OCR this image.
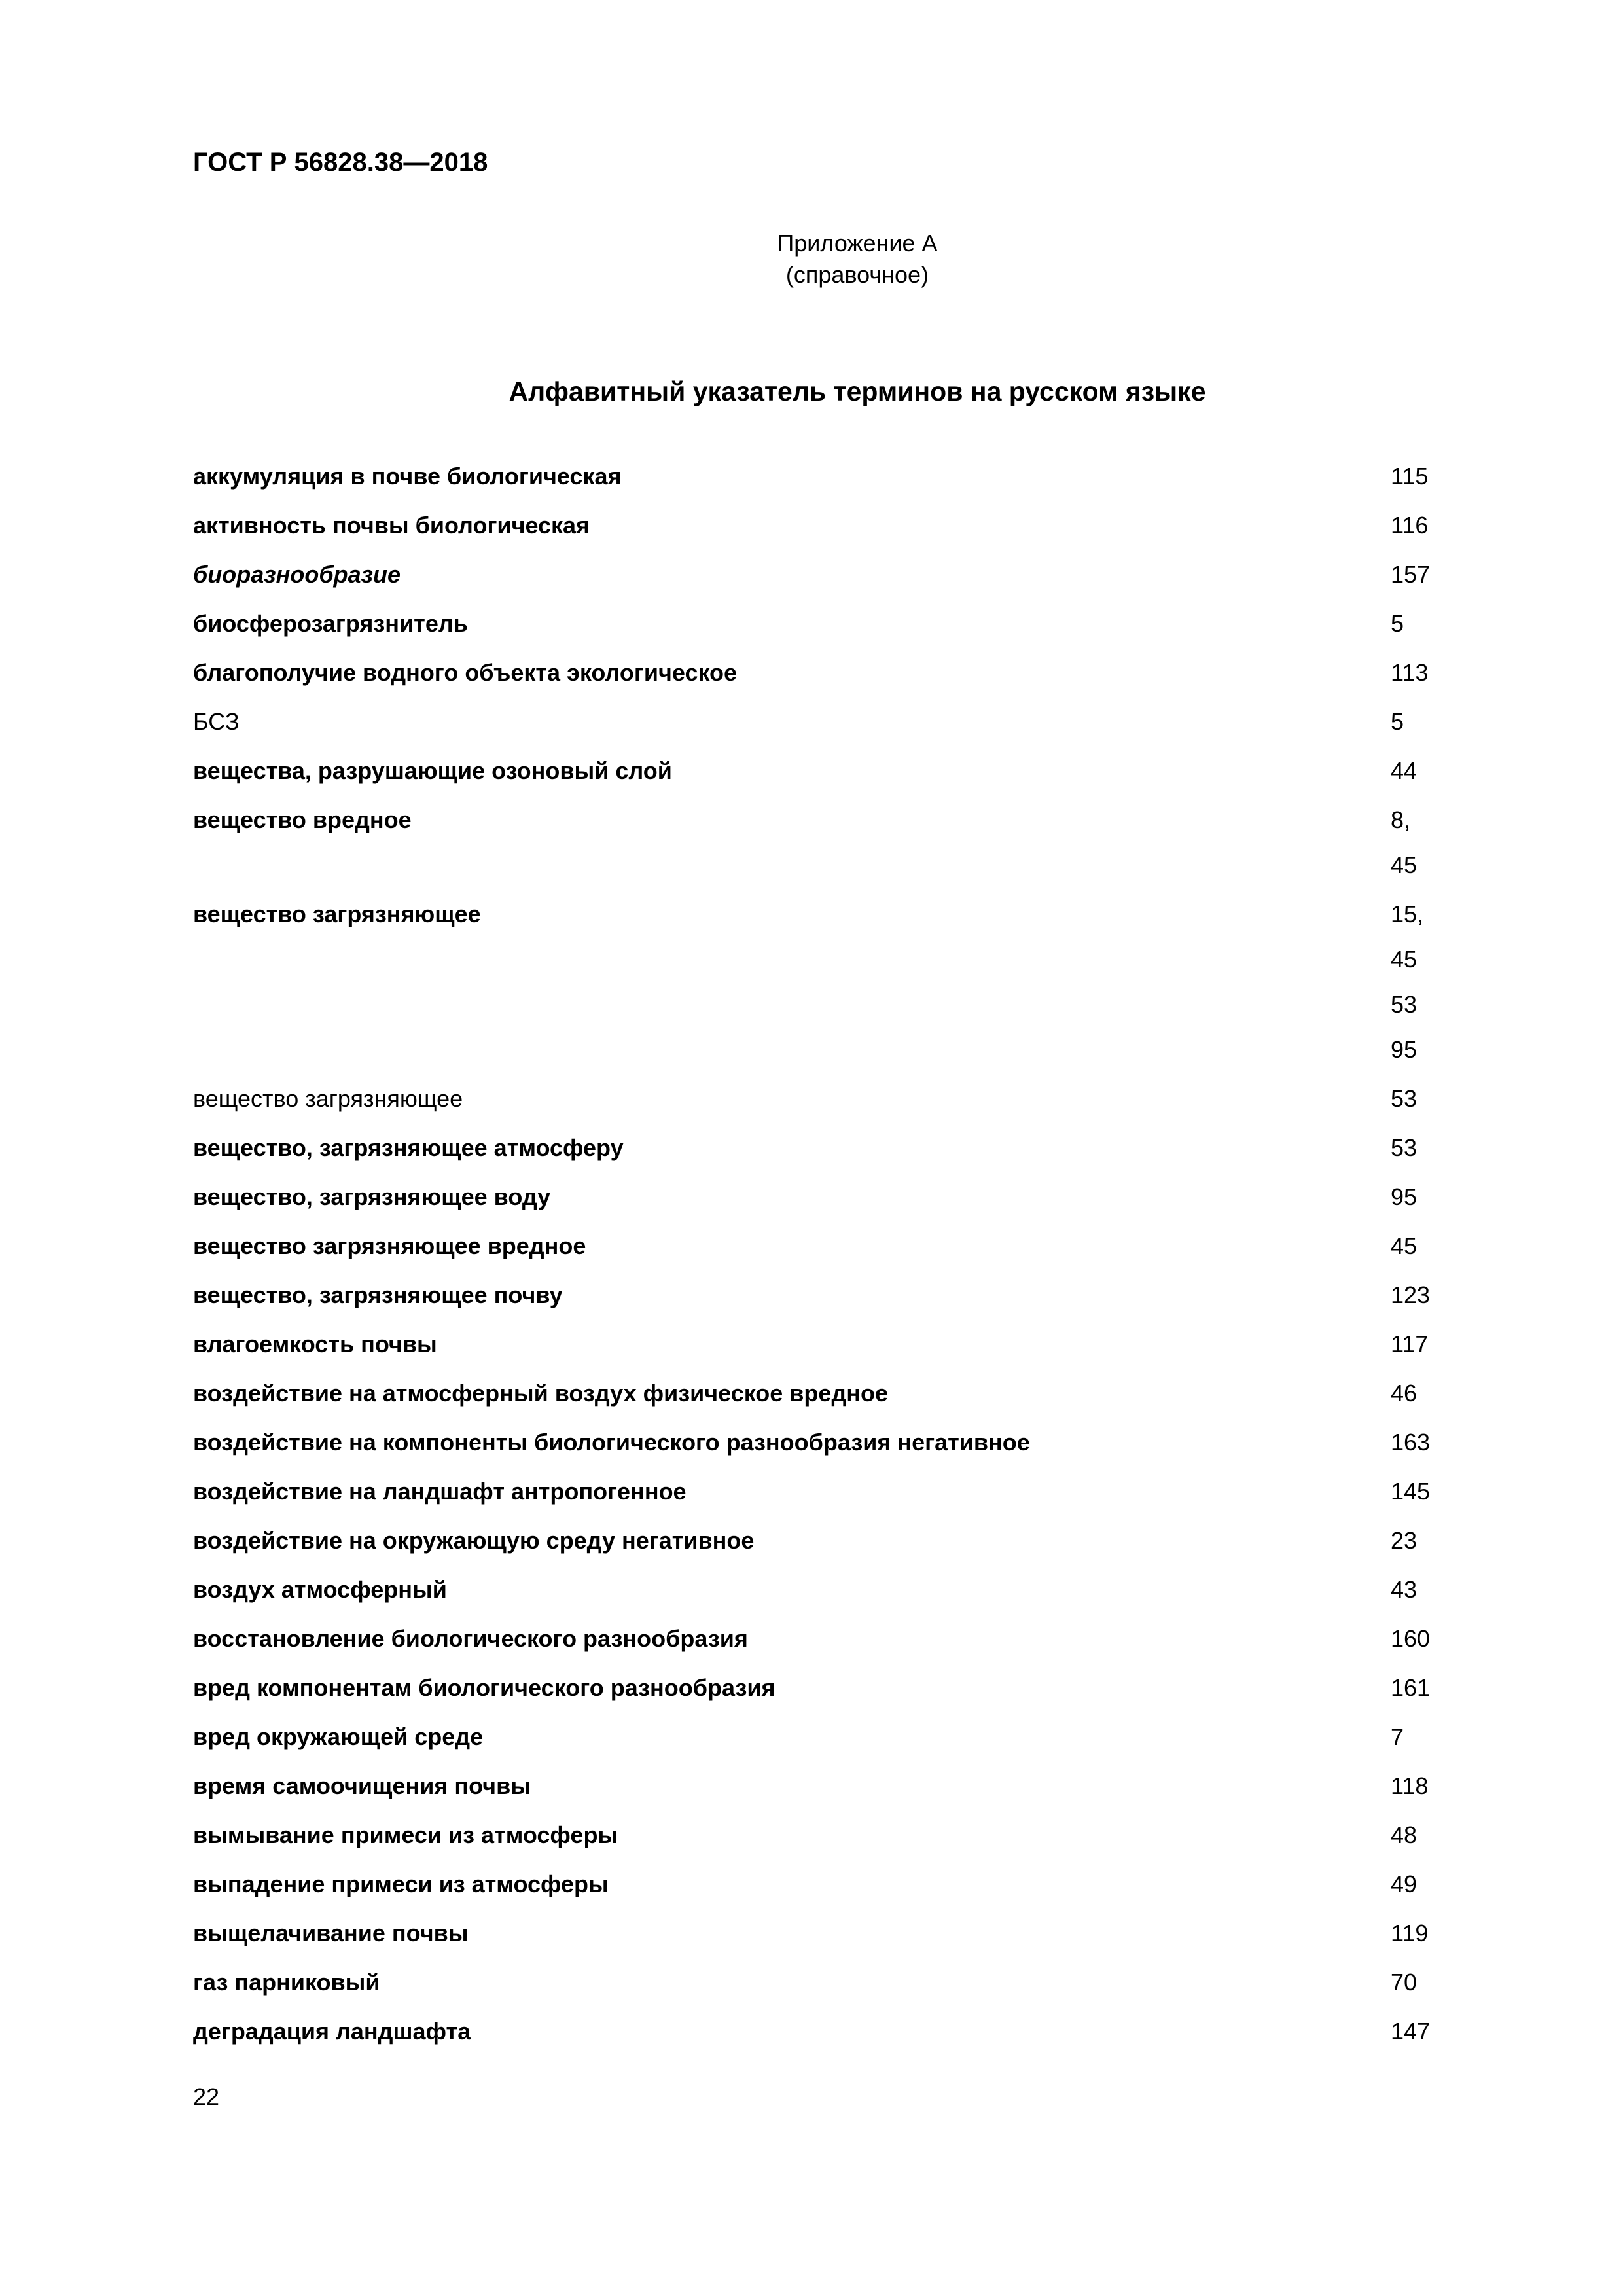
ГОСТ Р 56828.38—2018
Приложение А
(справочное)
Алфавитный указатель терминов на русском языке
аккумуляция в почве биологическая	115
активность почвы биологическая	116
биоразнообразие	157
биосферозагрязнитель	5
благополучие водного объекта экологическое	113
БСЗ	5
вещества, разрушающие озоновый слой	44
вещество вредное	8,
45
вещество загрязняющее	15,
45
53
95
вещество загрязняющее	53
вещество, загрязняющее атмосферу	53
вещество, загрязняющее воду	95
вещество загрязняющее вредное	45
вещество, загрязняющее почву	123
влагоемкость почвы	117
воздействие на атмосферный воздух физическое вредное	46
воздействие на компоненты биологического разнообразия негативное	163
воздействие на ландшафт антропогенное	145
воздействие на окружающую среду негативное	23
воздух атмосферный	43
восстановление биологического разнообразия	160
вред компонентам биологического разнообразия	161
вред окружающей среде	7
время самоочищения почвы	118
вымывание примеси из атмосферы	48
выпадение примеси из атмосферы	49
выщелачивание почвы	119
газ парниковый	70
деградация ландшафта	147
22
